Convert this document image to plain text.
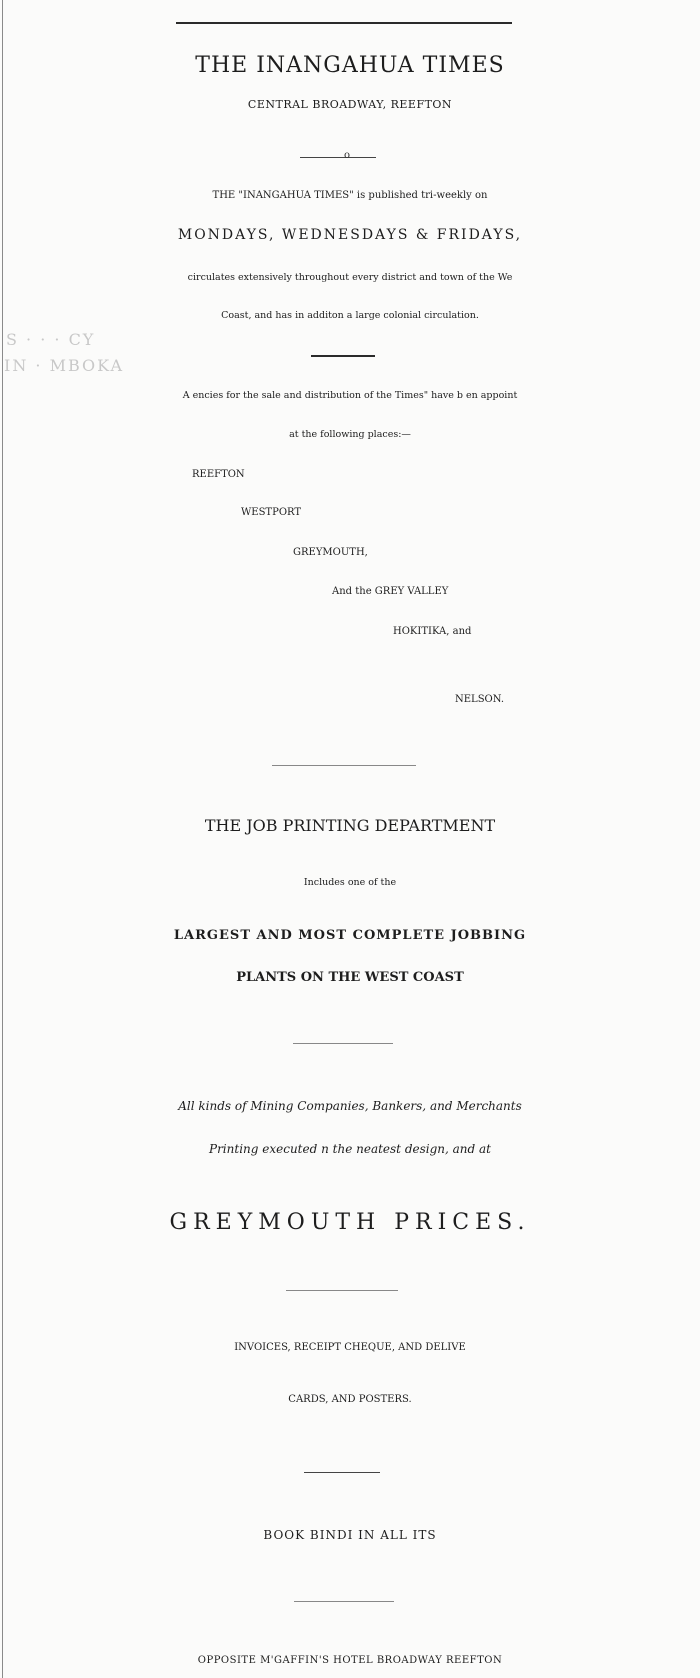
THE INANGAHUA TIMES
CENTRAL BROADWAY, REEFTON
o
THE "INANGAHUA TIMES" is published tri-weekly on
MONDAYS, WEDNESDAYS & FRIDAYS,
circulates extensively throughout every district and town of the We
Coast, and has in additon a large colonial circulation.
S · · · CY
IN · MBOKA
A encies for the sale and distribution of the Times" have b en appoint
at the following places:—
REEFTON
WESTPORT
GREYMOUTH,
And the GREY VALLEY
HOKITIKA, and
NELSON.
THE JOB PRINTING DEPARTMENT
Includes one of the
LARGEST AND MOST COMPLETE JOBBING
PLANTS ON THE WEST COAST
All kinds of Mining Companies, Bankers, and Merchants
Printing executed n the neatest design, and at
GREYMOUTH PRICES.
INVOICES, RECEIPT CHEQUE, AND DELIVE
CARDS, AND POSTERS.
BOOK BINDI IN ALL ITS
OPPOSITE M'GAFFIN'S HOTEL BROADWAY REEFTON
